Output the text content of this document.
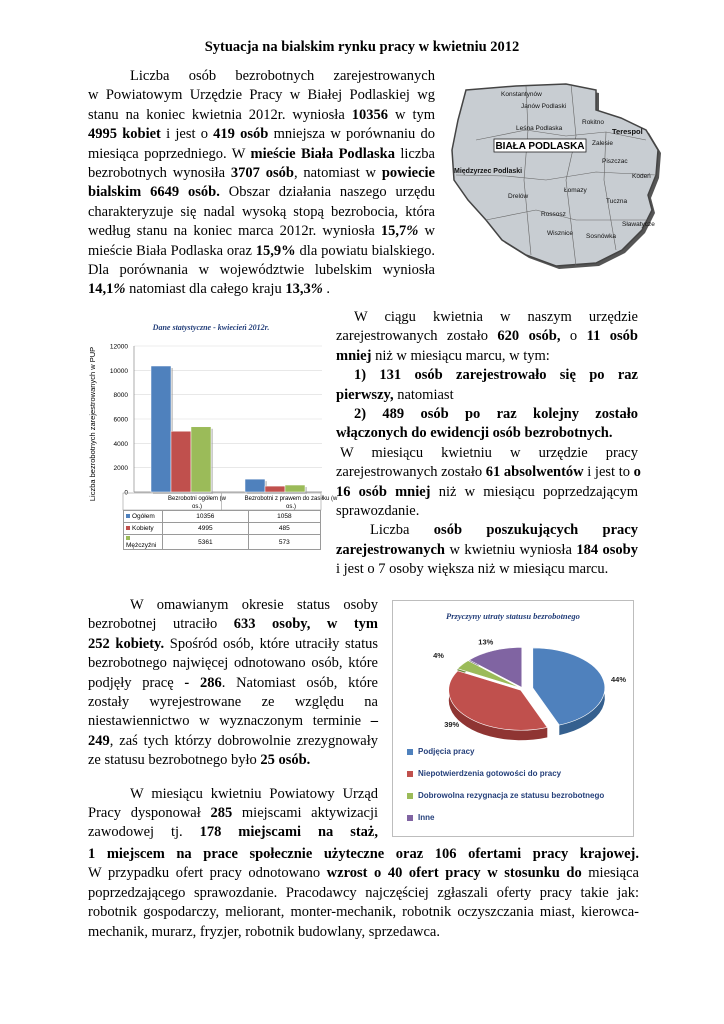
Sytuacja na bialskim rynku pracy w kwietniu 2012
Liczba osób bezrobotnych zarejestrowanych
w Powiatowym Urzędzie Pracy w Białej Podlaskiej wg
stanu na koniec kwietnia 2012r. wyniosła 10356 w tym
4995 kobiet i jest o 419 osób mniejsza w porównaniu do
miesiąca poprzedniego. W mieście Biała Podlaska liczba
bezrobotnych wynosiła 3707 osób, natomiast w powiecie
bialskim 6649 osób. Obszar działania naszego urzędu
charakteryzuje się nadal wysoką stopą bezrobocia, która
według stanu na koniec marca 2012r. wyniosła 15,7% w
mieście Biała Podlaska oraz 15,9% dla powiatu bialskiego.
Dla porównania w województwie lubelskim wyniosła
14,1% natomiast dla całego kraju 13,3% .
BIAŁA PODLASKA
Konstantynów
Janów Podlaski
Leśna Podlaska
Rokitno
Piszczac
Terespol
Zalesie
Międzyrzec Podlaski
Kodeń
Łomazy
Drelów
Tuczna
Sławatycze
Rossosz
Wisznice Sosnówka
Dane statystyczne - kwiecień 2012r.
0
2000
4000
6000
8000
10000
12000
Liczba bezrobotnych zarejestrowanych w PUP	Bezrobotni ogółem (w
os.)
Bezrobotni z prawem do zasiłku (w
os.)
Ogółem	10356	1058
Kobiety	4995	485
Mężczyźni	5361	573
W ciągu kwietnia w naszym urzędzie
zarejestrowanych zostało 620 osób, o 11 osób
mniej niż w miesiącu marcu, w tym:
1) 131 osób zarejestrowało się po raz
pierwszy, natomiast
2) 489 osób po raz kolejny zostało
włączonych do ewidencji osób bezrobotnych.
W miesiącu kwietniu w urzędzie pracy
zarejestrowanych zostało 61 absolwentów i jest to o
16 osób mniej niż w miesiącu poprzedzającym
sprawozdanie.
Liczba osób poszukujących pracy
zarejestrowanych w kwietniu wyniosła 184 osoby
i jest o 7 osoby większa niż w miesiącu marcu.
W omawianym okresie status osoby
bezrobotnej utraciło 633 osoby, w tym
252 kobiety. Spośród osób, które utraciły status
bezrobotnego najwięcej odnotowano osób, które
podjęły pracę - 286. Natomiast osób, które
zostały wyrejestrowane ze względu na
niestawiennictwo w wyznaczonym terminie –
249, zaś tych którzy dobrowolnie zrezygnowały
ze statusu bezrobotnego było 25 osób.
W miesiącu kwietniu Powiatowy Urząd
Pracy dysponował 285 miejscami aktywizacji
zawodowej tj. 178 miejscami na staż,
Przyczyny utraty statusu bezrobotnego
44%
39%
4%
13%
Podjęcia pracy
Niepotwierdzenia gotowości do pracy
Dobrowolna rezygnacja ze statusu bezrobotnego
Inne
1 miejscem na prace społecznie użyteczne oraz 106 ofertami pracy krajowej.
W przypadku ofert pracy odnotowano wzrost o 40 ofert pracy w stosunku do miesiąca
poprzedzającego sprawozdanie. Pracodawcy najczęściej zgłaszali oferty pracy takie jak:
robotnik gospodarczy, meliorant, monter-mechanik, robotnik oczyszczania miast, kierowca-
mechanik, murarz, fryzjer, robotnik budowlany, sprzedawca.
